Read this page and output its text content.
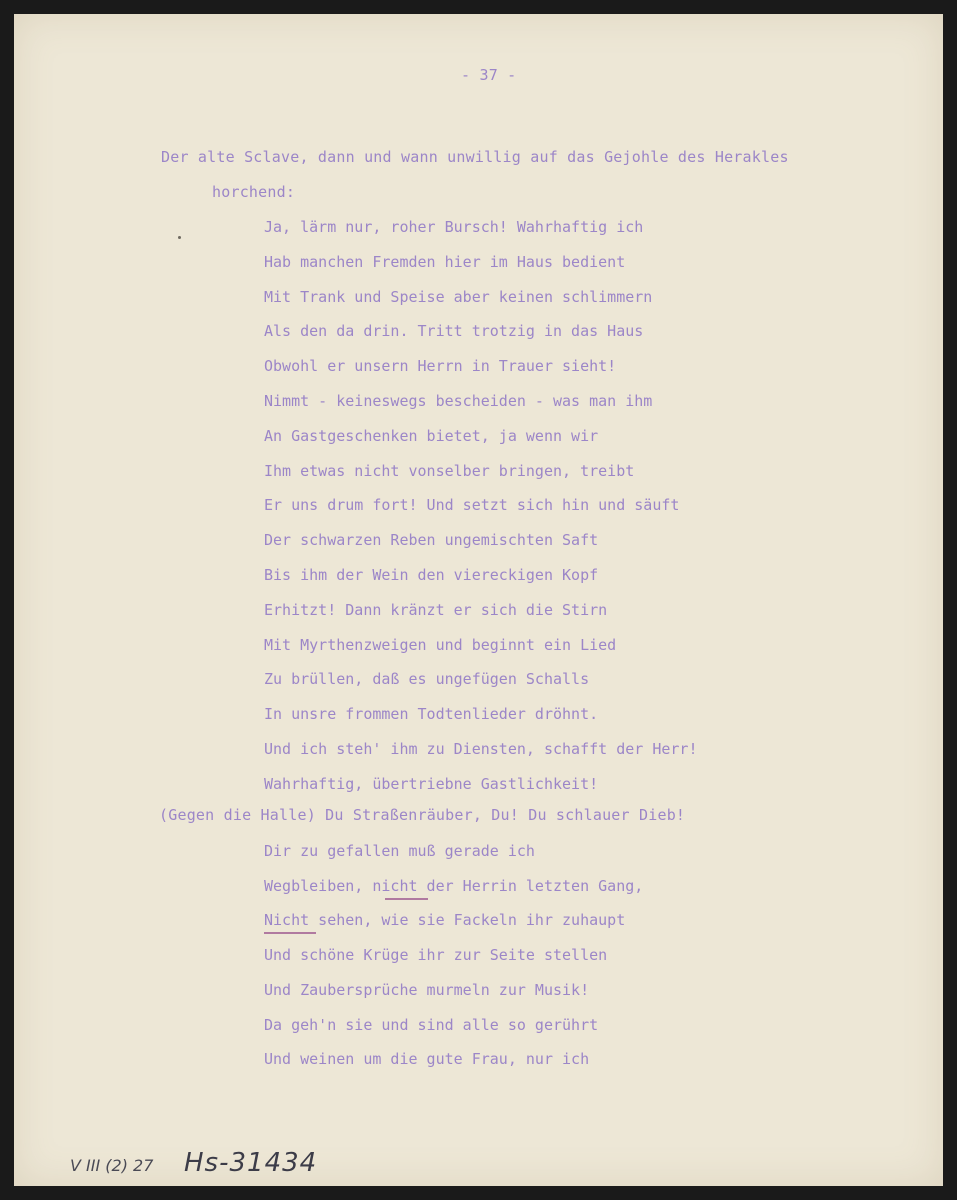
- 37 -
Der alte Sclave, dann und wann unwillig auf das Gejohle des Herakles
horchend:
Ja, lärm nur, roher Bursch! Wahrhaftig ich
Hab manchen Fremden hier im Haus bedient
Mit Trank und Speise aber keinen schlimmern
Als den da drin. Tritt trotzig in das Haus
Obwohl er unsern Herrn in Trauer sieht!
Nimmt - keineswegs bescheiden - was man ihm
An Gastgeschenken bietet, ja wenn wir
Ihm etwas nicht vonselber bringen, treibt
Er uns drum fort! Und setzt sich hin und säuft
Der schwarzen Reben ungemischten Saft
Bis ihm der Wein den viereckigen Kopf
Erhitzt! Dann kränzt er sich die Stirn
Mit Myrthenzweigen und beginnt ein Lied
Zu brüllen, daß es ungefügen Schalls
In unsre frommen Todtenlieder dröhnt.
Und ich steh' ihm zu Diensten, schafft der Herr!
Wahrhaftig, übertriebne Gastlichkeit!
(Gegen die Halle) Du Straßenräuber, Du! Du schlauer Dieb!
Dir zu gefallen muß gerade ich
Wegbleiben, nicht der Herrin letzten Gang,
Nicht sehen, wie sie Fackeln ihr zuhaupt
Und schöne Krüge ihr zur Seite stellen
Und Zaubersprüche murmeln zur Musik!
Da geh'n sie und sind alle so gerührt
Und weinen um die gute Frau, nur ich
V III (2) 27 Hs-31434
